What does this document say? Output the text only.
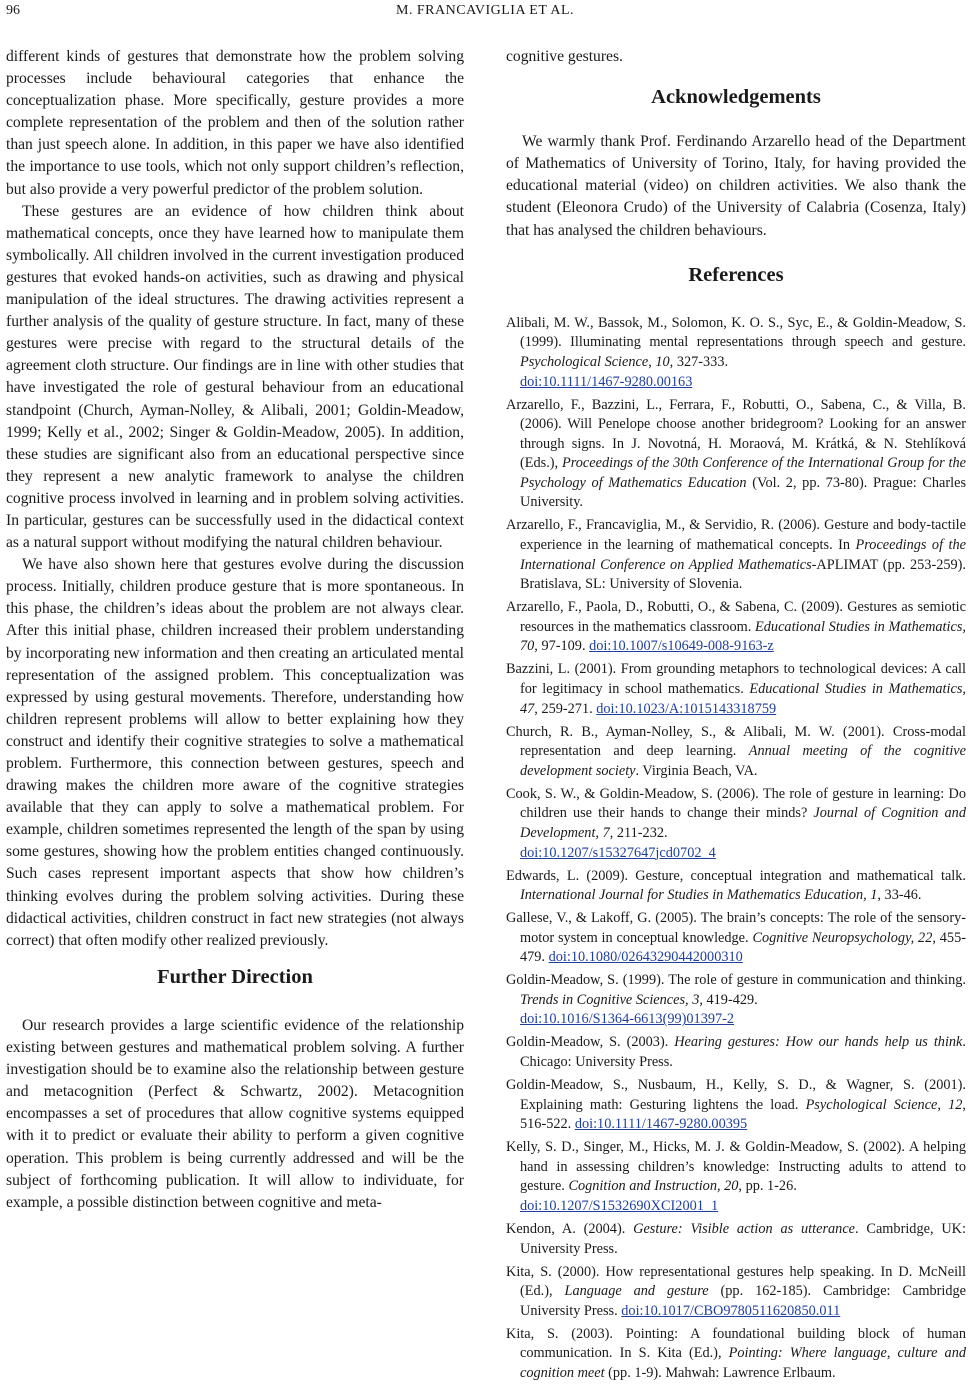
96	M. FRANCAVIGLIA ET AL.

different kinds of gestures that demonstrate how the problem solving processes include behavioural categories that enhance the conceptualization phase. More specifically, gesture provides a more complete representation of the problem and then of the solution rather than just speech alone. In addition, in this paper we have also identified the importance to use tools, which not only support children’s reflection, but also provide a very powerful predictor of the problem solution.

These gestures are an evidence of how children think about mathematical concepts, once they have learned how to manipulate them symbolically. All children involved in the current investigation produced gestures that evoked hands-on activities, such as drawing and physical manipulation of the ideal structures. The drawing activities represent a further analysis of the quality of gesture structure. In fact, many of these gestures were precise with regard to the structural details of the agreement cloth structure. Our findings are in line with other studies that have investigated the role of gestural behaviour from an educational standpoint (Church, Ayman-Nolley, & Alibali, 2001; Goldin-Meadow, 1999; Kelly et al., 2002; Singer & Goldin-Meadow, 2005). In addition, these studies are significant also from an educational perspective since they represent a new analytic framework to analyse the children cognitive process involved in learning and in problem solving activities. In particular, gestures can be successfully used in the didactical context as a natural support without modifying the natural children behaviour.

We have also shown here that gestures evolve during the discussion process. Initially, children produce gesture that is more spontaneous. In this phase, the children’s ideas about the problem are not always clear. After this initial phase, children increased their problem understanding by incorporating new information and then creating an articulated mental representation of the assigned problem. This conceptualization was expressed by using gestural movements. Therefore, understanding how children represent problems will allow to better explaining how they construct and identify their cognitive strategies to solve a mathematical problem. Furthermore, this connection between gestures, speech and drawing makes the children more aware of the cognitive strategies available that they can apply to solve a mathematical problem. For example, children sometimes represented the length of the span by using some gestures, showing how the problem entities changed continuously. Such cases represent important aspects that show how children’s thinking evolves during the problem solving activities. During these didactical activities, children construct in fact new strategies (not always correct) that often modify other realized previously.

Further Direction

Our research provides a large scientific evidence of the relationship existing between gestures and mathematical problem solving. A further investigation should be to examine also the relationship between gesture and metacognition (Perfect & Schwartz, 2002). Metacognition encompasses a set of procedures that allow cognitive systems equipped with it to predict or evaluate their ability to perform a given cognitive operation. This problem is being currently addressed and will be the subject of forthcoming publication. It will allow to individuate, for example, a possible distinction between cognitive and meta-

cognitive gestures.

Acknowledgements

We warmly thank Prof. Ferdinando Arzarello head of the Department of Mathematics of University of Torino, Italy, for having provided the educational material (video) on children activities. We also thank the student (Eleonora Crudo) of the University of Calabria (Cosenza, Italy) that has analysed the children behaviours.

References
Alibali, M. W., Bassok, M., Solomon, K. O. S., Syc, E., & Goldin-Meadow, S. (1999). Illuminating mental representations through speech and gesture. Psychological Science, 10, 327-333.
doi:10.1111/1467-9280.00163
Arzarello, F., Bazzini, L., Ferrara, F., Robutti, O., Sabena, C., & Villa, B. (2006). Will Penelope choose another bridegroom? Looking for an answer through signs. In J. Novotná, H. Moraová, M. Krátká, & N. Stehlíková (Eds.), Proceedings of the 30th Conference of the International Group for the Psychology of Mathematics Education (Vol. 2, pp. 73-80). Prague: Charles University.
Arzarello, F., Francaviglia, M., & Servidio, R. (2006). Gesture and body-tactile experience in the learning of mathematical concepts. In Proceedings of the International Conference on Applied Mathematics-APLIMAT (pp. 253-259). Bratislava, SL: University of Slovenia.
Arzarello, F., Paola, D., Robutti, O., & Sabena, C. (2009). Gestures as semiotic resources in the mathematics classroom. Educational Studies in Mathematics, 70, 97-109. doi:10.1007/s10649-008-9163-z
Bazzini, L. (2001). From grounding metaphors to technological devices: A call for legitimacy in school mathematics. Educational Studies in Mathematics, 47, 259-271. doi:10.1023/A:1015143318759
Church, R. B., Ayman-Nolley, S., & Alibali, M. W. (2001). Cross-modal representation and deep learning. Annual meeting of the cognitive development society. Virginia Beach, VA.
Cook, S. W., & Goldin-Meadow, S. (2006). The role of gesture in learning: Do children use their hands to change their minds? Journal of Cognition and Development, 7, 211-232.
doi:10.1207/s15327647jcd0702_4
Edwards, L. (2009). Gesture, conceptual integration and mathematical talk. International Journal for Studies in Mathematics Education, 1, 33-46.
Gallese, V., & Lakoff, G. (2005). The brain’s concepts: The role of the sensory-motor system in conceptual knowledge. Cognitive Neuropsychology, 22, 455-479. doi:10.1080/02643290442000310
Goldin-Meadow, S. (1999). The role of gesture in communication and thinking. Trends in Cognitive Sciences, 3, 419-429.
doi:10.1016/S1364-6613(99)01397-2
Goldin-Meadow, S. (2003). Hearing gestures: How our hands help us think. Chicago: University Press.
Goldin-Meadow, S., Nusbaum, H., Kelly, S. D., & Wagner, S. (2001). Explaining math: Gesturing lightens the load. Psychological Science, 12, 516-522. doi:10.1111/1467-9280.00395
Kelly, S. D., Singer, M., Hicks, M. J. & Goldin-Meadow, S. (2002). A helping hand in assessing children’s knowledge: Instructing adults to attend to gesture. Cognition and Instruction, 20, pp. 1-26.
doi:10.1207/S1532690XCI2001_1
Kendon, A. (2004). Gesture: Visible action as utterance. Cambridge, UK: University Press.
Kita, S. (2000). How representational gestures help speaking. In D. McNeill (Ed.), Language and gesture (pp. 162-185). Cambridge: Cambridge University Press. doi:10.1017/CBO9780511620850.011
Kita, S. (2003). Pointing: A foundational building block of human communication. In S. Kita (Ed.), Pointing: Where language, culture and cognition meet (pp. 1-9). Mahwah: Lawrence Erlbaum.
